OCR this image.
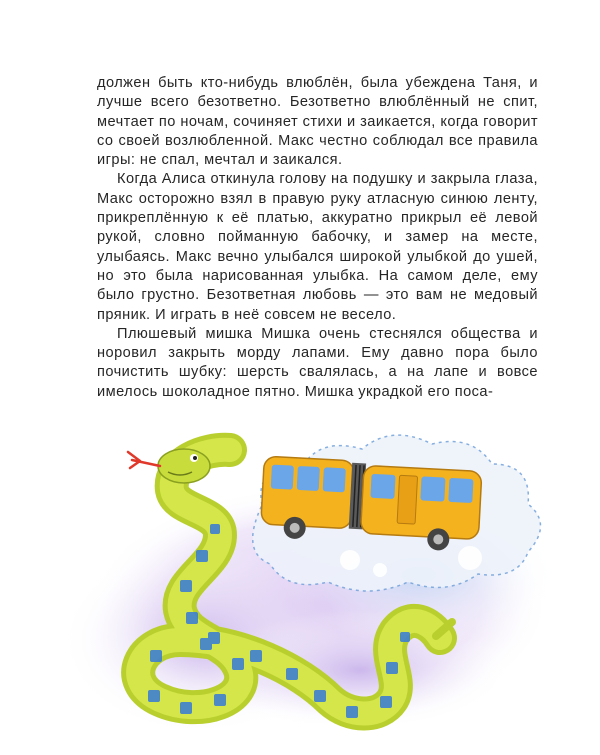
должен быть кто-нибудь влюблён, была убеждена Таня, и лучше всего безответно. Безответно влюблённый не спит, мечтает по ночам, сочиняет стихи и заикается, когда говорит со своей возлюбленной. Макс честно соблюдал все правила игры: не спал, мечтал и заикался.

Когда Алиса откинула голову на подушку и закрыла глаза, Макс осторожно взял в правую руку атласную синюю ленту, прикреплённую к её платью, аккуратно прикрыл её левой рукой, словно пойманную бабочку, и замер на месте, улыбаясь. Макс вечно улыбался широкой улыбкой до ушей, но это была нарисованная улыбка. На самом деле, ему было грустно. Безответная любовь — это вам не медовый пряник. И играть в неё совсем не весело.

Плюшевый мишка Мишка очень стеснялся общества и норовил закрыть морду лапами. Ему давно пора было почистить шубку: шерсть свалялась, а на лапе и вовсе имелось шоколадное пятно. Мишка украдкой его поса-
